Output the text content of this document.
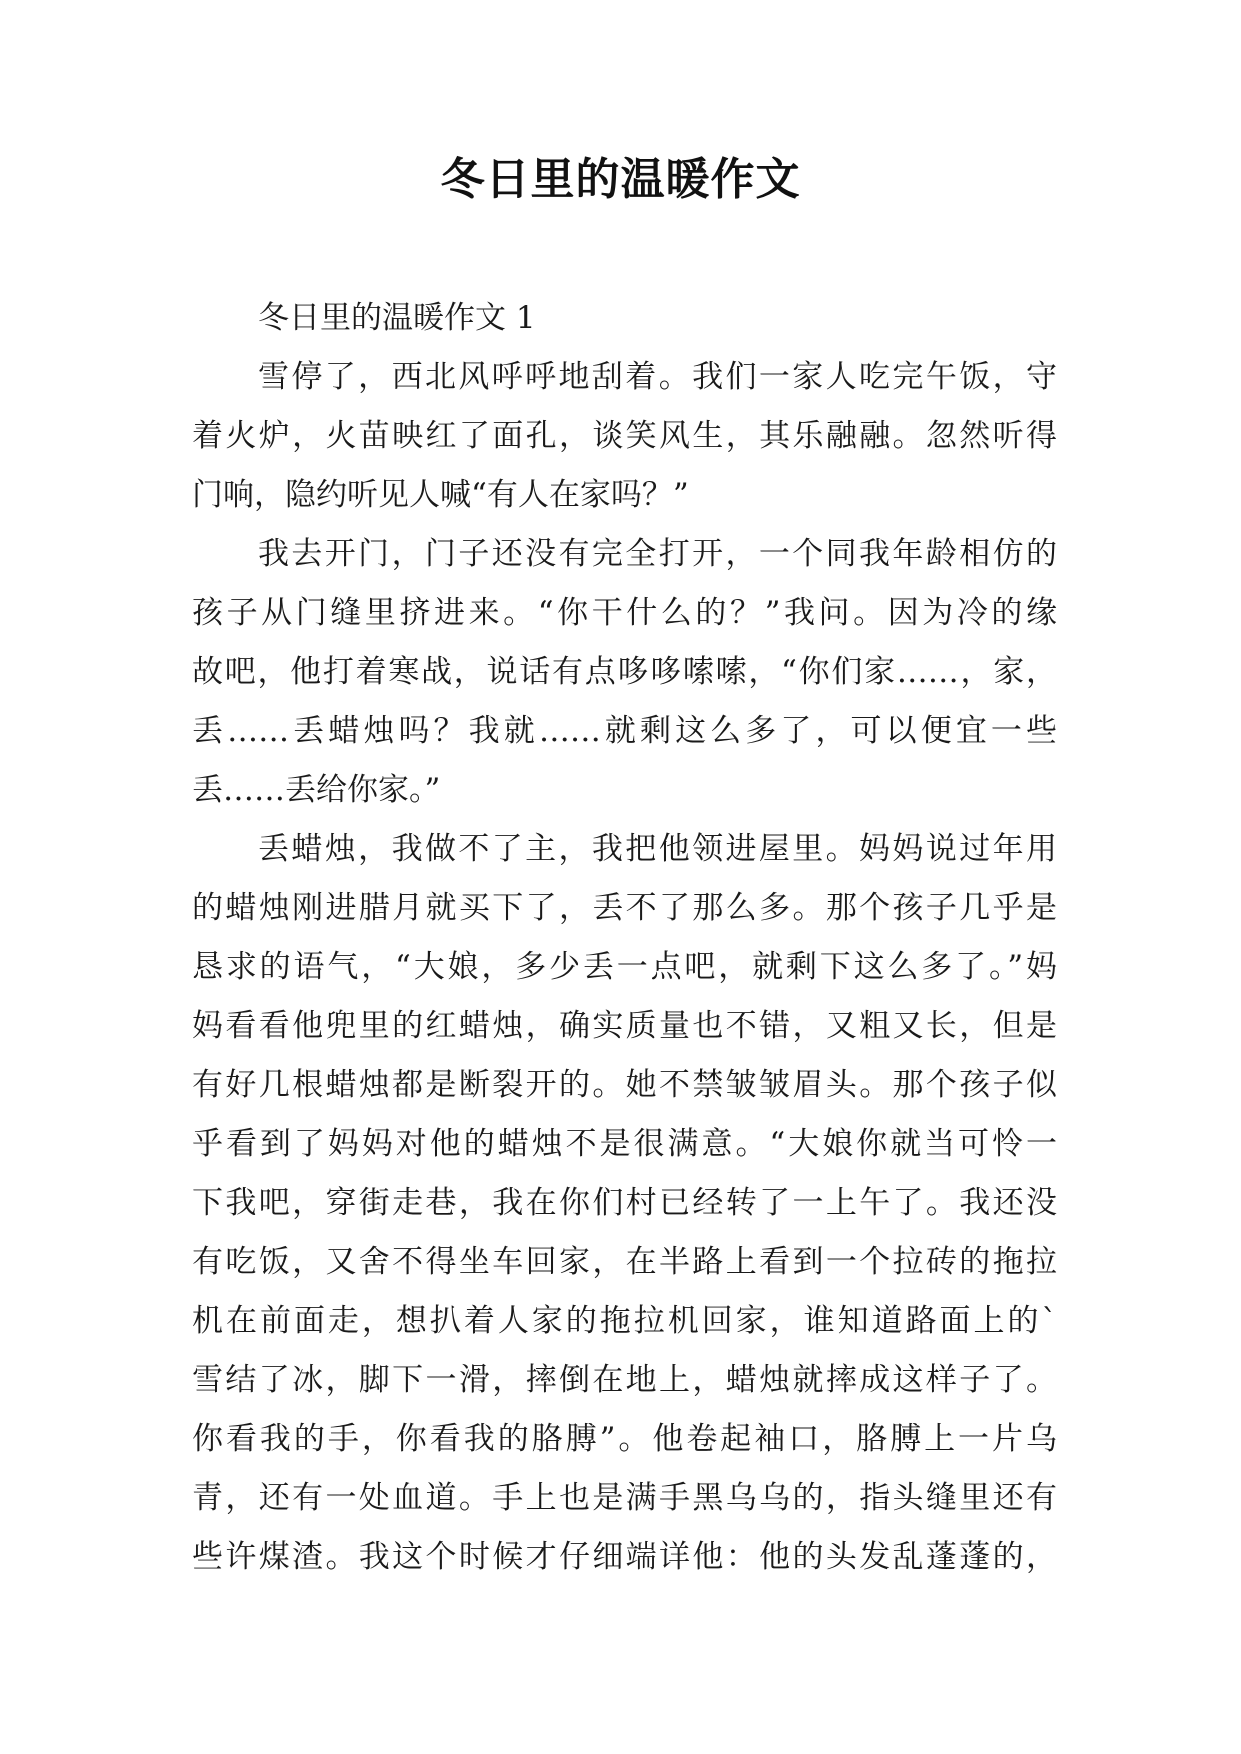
冬日里的温暖作文
冬日里的温暖作文 1
雪停了，西北风呼呼地刮着。我们一家人吃完午饭，守
着火炉，火苗映红了面孔，谈笑风生，其乐融融。忽然听得
门响，隐约听见人喊“有人在家吗？”
我去开门，门子还没有完全打开，一个同我年龄相仿的
孩子从门缝里挤进来。“你干什么的？”我问。因为冷的缘
故吧，他打着寒战，说话有点哆哆嗦嗦，“你们家……，家，
丢……丢蜡烛吗？我就……就剩这么多了，可以便宜一些
丢……丢给你家。”
丢蜡烛，我做不了主，我把他领进屋里。妈妈说过年用
的蜡烛刚进腊月就买下了，丢不了那么多。那个孩子几乎是
恳求的语气，“大娘，多少丢一点吧，就剩下这么多了。”妈
妈看看他兜里的红蜡烛，确实质量也不错，又粗又长，但是
有好几根蜡烛都是断裂开的。她不禁皱皱眉头。那个孩子似
乎看到了妈妈对他的蜡烛不是很满意。“大娘你就当可怜一
下我吧，穿街走巷，我在你们村已经转了一上午了。我还没
有吃饭，又舍不得坐车回家，在半路上看到一个拉砖的拖拉
机在前面走，想扒着人家的拖拉机回家，谁知道路面上的`
雪结了冰，脚下一滑，摔倒在地上，蜡烛就摔成这样子了。
你看我的手，你看我的胳膊”。他卷起袖口，胳膊上一片乌
青，还有一处血道。手上也是满手黑乌乌的，指头缝里还有
些许煤渣。我这个时候才仔细端详他：他的头发乱蓬蓬的，
